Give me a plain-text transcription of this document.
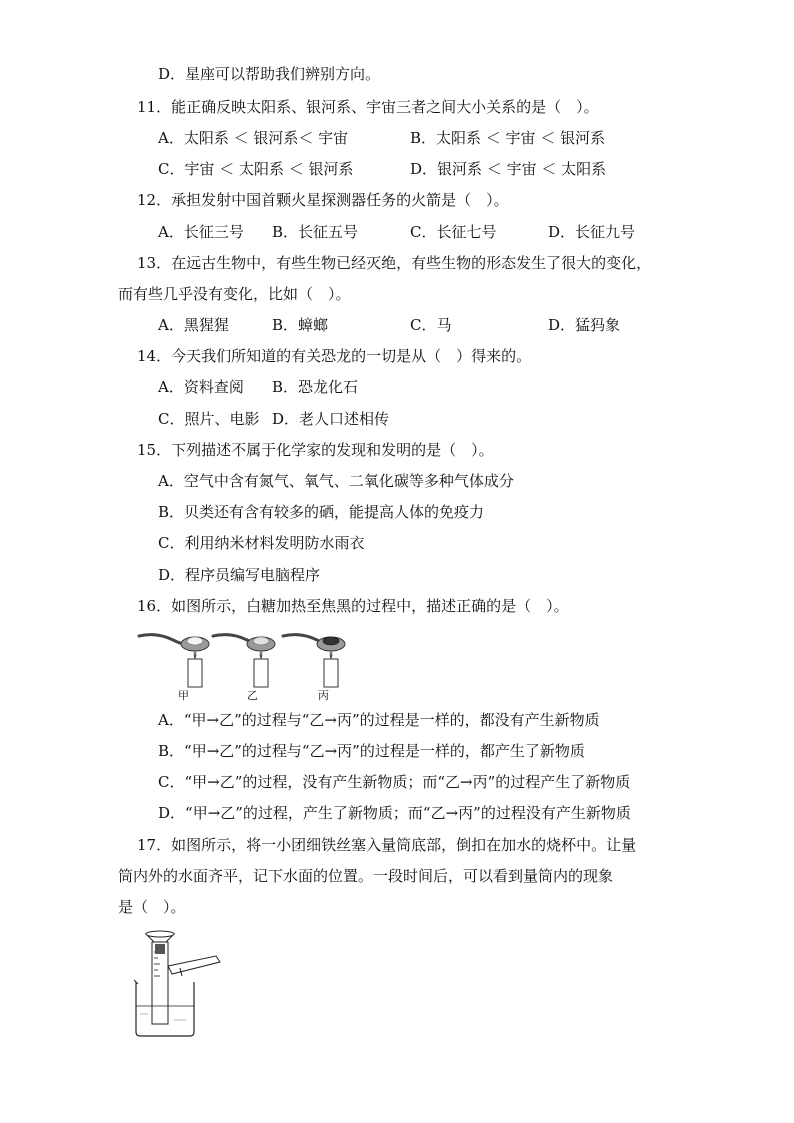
D．星座可以帮助我们辨别方向。
11．能正确反映太阳系、银河系、宇宙三者之间大小关系的是（　）。
A．太阳系 ＜ 银河系＜ 宇宙	B．太阳系 ＜ 宇宙 ＜ 银河系
C．宇宙 ＜ 太阳系 ＜ 银河系	D．银河系 ＜ 宇宙 ＜ 太阳系
12．承担发射中国首颗火星探测器任务的火箭是（　）。
A．长征三号 B．长征五号	C．长征七号	D．长征九号
13．在远古生物中，有些生物已经灭绝，有些生物的形态发生了很大的变化，
而有些几乎没有变化，比如（　）。
A．黑猩猩	B．蟑螂	C．马	D．猛犸象
14．今天我们所知道的有关恐龙的一切是从（　）得来的。
A．资料查阅 B．恐龙化石
C．照片、电影 D．老人口述相传
15．下列描述不属于化学家的发现和发明的是（　）。
A．空气中含有氮气、氧气、二氧化碳等多种气体成分
B．贝类还有含有较多的硒，能提高人体的免疫力
C．利用纳米材料发明防水雨衣
D．程序员编写电脑程序
16．如图所示，白糖加热至焦黑的过程中，描述正确的是（　）。
甲	乙	丙
A．“甲→乙”的过程与“乙→丙”的过程是一样的，都没有产生新物质
B．“甲→乙”的过程与“乙→丙”的过程是一样的，都产生了新物质
C．“甲→乙”的过程，没有产生新物质；而“乙→丙”的过程产生了新物质
D．“甲→乙”的过程，产生了新物质；而“乙→丙”的过程没有产生新物质
17．如图所示，将一小团细铁丝塞入量筒底部，倒扣在加水的烧杯中。让量
筒内外的水面齐平，记下水面的位置。一段时间后，可以看到量筒内的现象
是（　）。
